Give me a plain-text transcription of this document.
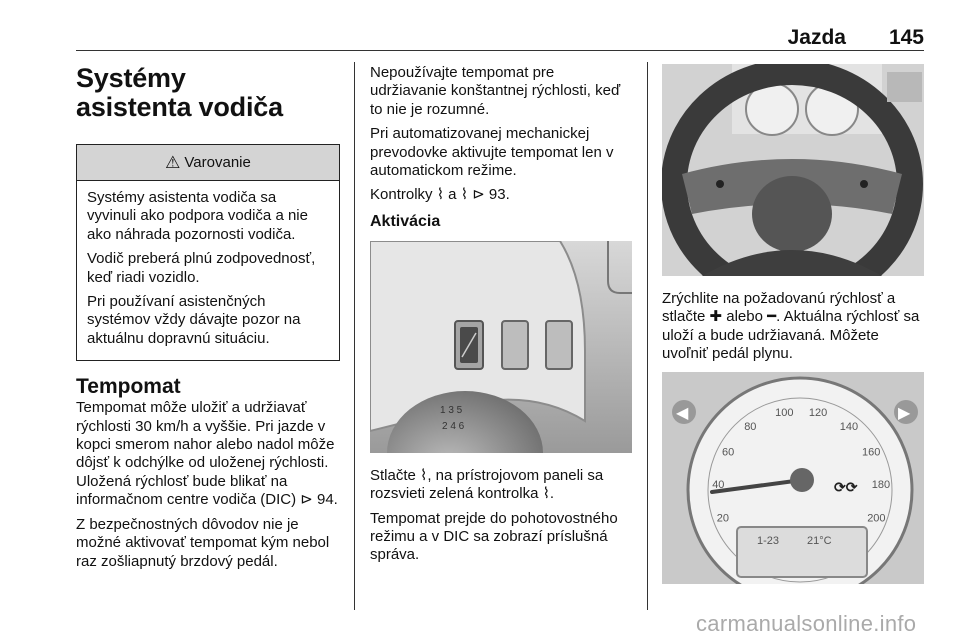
Jazda 145
Systémy asistenta vodiča
⚠ Varovanie

Systémy asistenta vodiča sa vyvinuli ako podpora vodiča a nie ako náhrada pozornosti vodiča.

Vodič preberá plnú zodpovednosť, keď riadi vozidlo.

Pri používaní asistenčných systémov vždy dávajte pozor na aktuálnu dopravnú situáciu.

Tempomat

Tempomat môže uložiť a udržiavať rýchlosti 30 km/h a vyššie. Pri jazde v kopci smerom nahor alebo nadol môže dôjsť k odchýlke od uloženej rýchlosti. Uložená rýchlosť bude blikať na informačnom centre vodiča (DIC) ⊳ 94.

Z bezpečnostných dôvodov nie je možné aktivovať tempomat kým nebol raz zošliapnutý brzdový pedál.

Nepoužívajte tempomat pre udržiavanie konštantnej rýchlosti, keď to nie je rozumné.

Pri automatizovanej mechanickej prevodovke aktivujte tempomat len v automatickom režime.

Kontrolky ⌇ a ⌇ ⊳ 93.

Aktivácia
2 4 6
1 3 5

Stlačte ⌇, na prístrojovom paneli sa rozsvieti zelená kontrolka ⌇.

Tempomat prejde do pohotovostného režimu a v DIC sa zobrazí príslušná správa.

Zrýchlite na požadovanú rýchlosť a stlačte ✚ alebo ━. Aktuálna rýchlosť sa uloží a bude udržiavaná. Môžete uvoľniť pedál plynu.

20
40
60
80
100 120
140
160
180
200
1-23	21°C
⟳⟳
◀	▶
carmanualsonline.info
